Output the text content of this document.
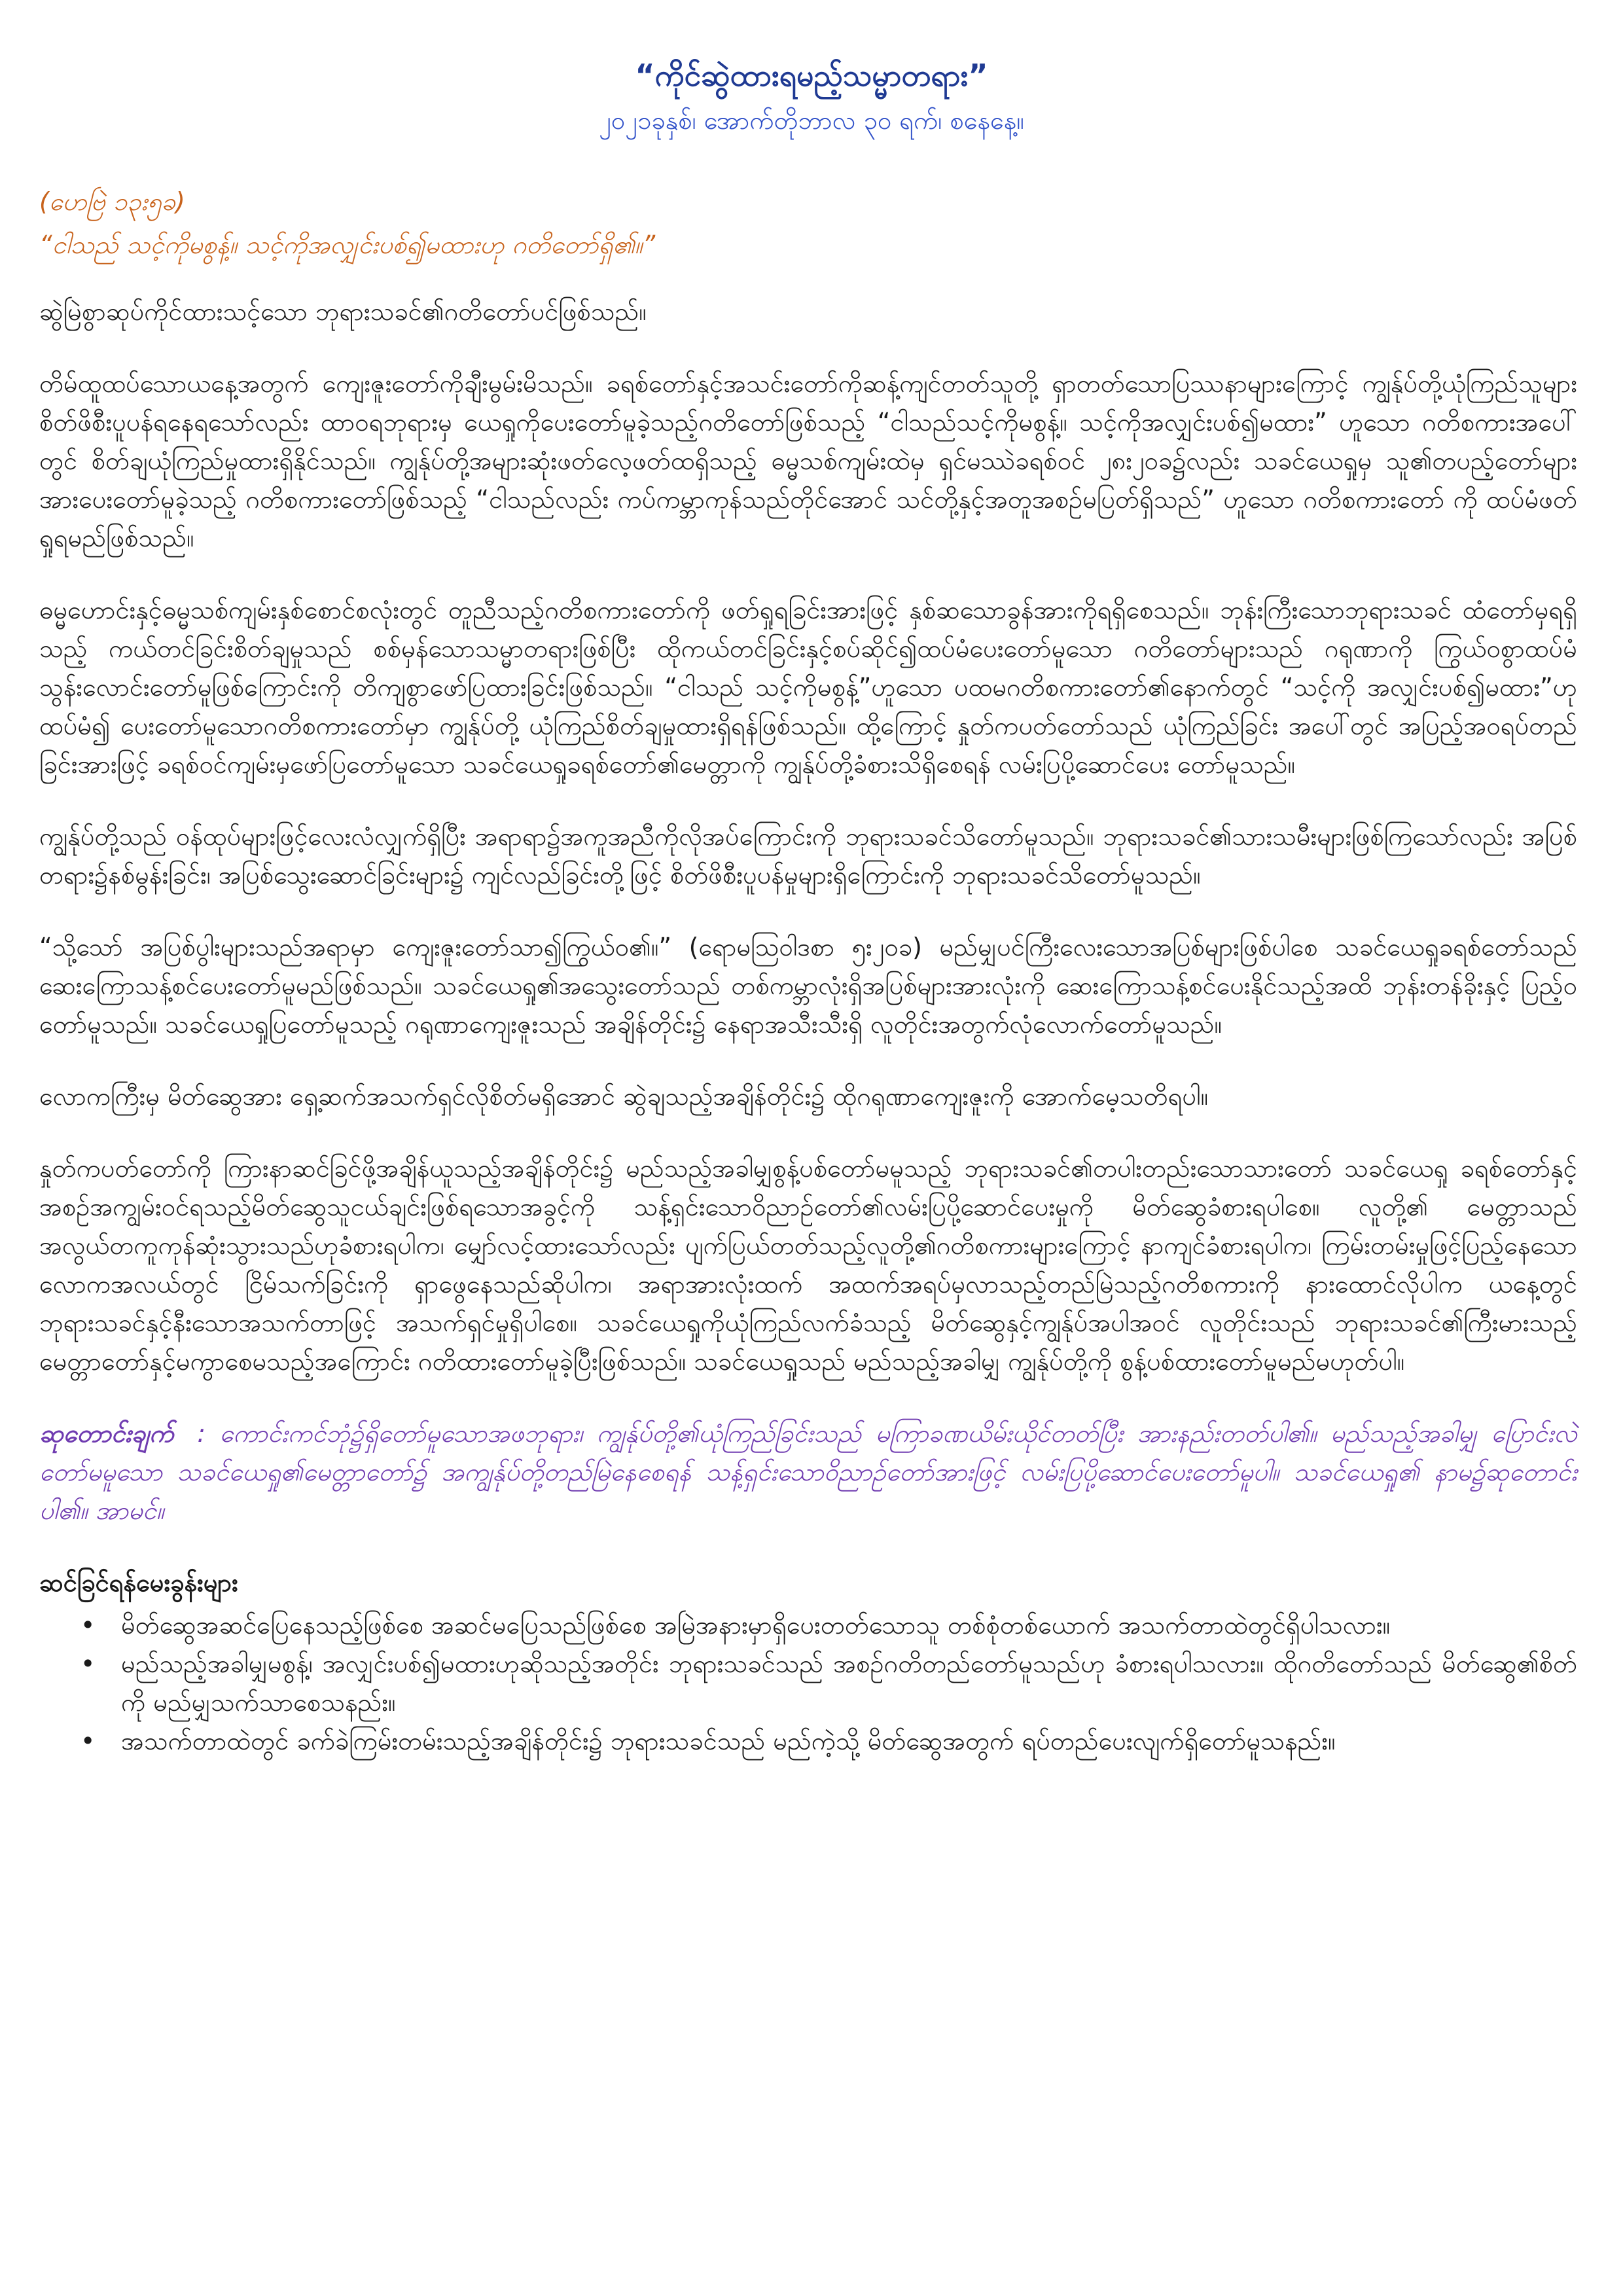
“ကိုင်ဆွဲထားရမည့်သမ္မာတရား”
၂၀၂၁ခုနှစ်၊ အောက်တိုဘာလ ၃၀ ရက်၊ စနေနေ့။
(ဟေဗြဲ ၁၃း၅ခ)
“ငါသည် သင့်ကိုမစွန့်။ သင့်ကိုအလျှင်းပစ်၍မထားဟု ဂတိတော်ရှိ၏။”

ဆွဲမြဲစွာဆုပ်ကိုင်ထားသင့်သော ဘုရားသခင်၏ဂတိတော်ပင်ဖြစ်သည်။

တိမ်ထူထပ်သောယနေ့အတွက် ကျေးဇူးတော်ကိုချီးမွမ်းမိသည်။ ခရစ်တော်နှင့်အသင်းတော်ကိုဆန့်ကျင်တတ်သူတို့ ရှာတတ်သောပြဿနာများကြောင့် ကျွန်ုပ်တို့ယုံကြည်သူများ စိတ်ဖိစီးပူပန်ရနေရသော်လည်း ထာဝရဘုရားမှ ယေရှုကိုပေးတော်မူခဲ့သည့်ဂတိတော်ဖြစ်သည့် “ငါသည်သင့်ကိုမစွန့်။ သင့်ကိုအလျှင်းပစ်၍မထား” ဟူသော ဂတိစကားအပေါ်တွင် စိတ်ချယုံကြည်မှုထားရှိနိုင်သည်။ ကျွန်ုပ်တို့အများဆုံးဖတ်လေ့ဖတ်ထရှိသည့် ဓမ္မသစ်ကျမ်းထဲမှ ရှင်မဿဲခရစ်ဝင် ၂၈း၂၀ခ၌လည်း သခင်ယေရှုမှ သူ၏တပည့်တော်များအားပေးတော်မူခဲ့သည့် ဂတိစကားတော်ဖြစ်သည့် “ငါသည်လည်း ကပ်ကမ္ဘာကုန်သည်တိုင်အောင် သင်တို့နှင့်အတူအစဉ်မပြတ်ရှိသည်” ဟူသော ဂတိစကားတော် ကို ထပ်မံဖတ်ရှုရမည်ဖြစ်သည်။

ဓမ္မဟောင်းနှင့်ဓမ္မသစ်ကျမ်းနှစ်စောင်စလုံးတွင် တူညီသည့်ဂတိစကားတော်ကို ဖတ်ရှုရခြင်းအားဖြင့် နှစ်ဆသောခွန်အားကိုရရှိစေသည်။ ဘုန်းကြီးသောဘုရားသခင် ထံတော်မှရရှိသည့် ကယ်တင်ခြင်းစိတ်ချမှုသည် စစ်မှန်သောသမ္မာတရားဖြစ်ပြီး ထိုကယ်တင်ခြင်းနှင့်စပ်ဆိုင်၍ထပ်မံပေးတော်မူသော ဂတိတော်များသည် ဂရုဏာကို ကြွယ်ဝစွာထပ်မံသွန်းလောင်းတော်မူဖြစ်ကြောင်းကို တိကျစွာဖော်ပြထားခြင်းဖြစ်သည်။ “ငါသည် သင့်ကိုမစွန့်”ဟူသော ပထမဂတိစကားတော်၏နောက်တွင် “သင့်ကို အလျှင်းပစ်၍မထား”ဟုထပ်မံ၍ ပေးတော်မူသောဂတိစကားတော်မှာ ကျွန်ုပ်တို့ ယုံကြည်စိတ်ချမှုထားရှိရန်ဖြစ်သည်။ ထို့ကြောင့် နှုတ်ကပတ်တော်သည် ယုံကြည်ခြင်း အပေါ်တွင် အပြည့်အဝရပ်တည်ခြင်းအားဖြင့် ခရစ်ဝင်ကျမ်းမှဖော်ပြတော်မူသော သခင်ယေရှုခရစ်တော်၏မေတ္တာကို ကျွန်ုပ်တို့ခံစားသိရှိစေရန် လမ်းပြပို့ဆောင်ပေး တော်မူသည်။

ကျွန်ုပ်တို့သည် ဝန်ထုပ်များဖြင့်လေးလံလျှက်ရှိပြီး အရာရာ၌အကူအညီကိုလိုအပ်ကြောင်းကို ဘုရားသခင်သိတော်မူသည်။ ဘုရားသခင်၏သားသမီးများဖြစ်ကြသော်လည်း အပြစ်တရား၌နစ်မွန်းခြင်း၊ အပြစ်သွေးဆောင်ခြင်းများ၌ ကျင်လည်ခြင်းတို့ဖြင့် စိတ်ဖိစီးပူပန်မှုများရှိကြောင်းကို ဘုရားသခင်သိတော်မူသည်။

“သို့သော် အပြစ်ပွါးများသည်အရာမှာ ကျေးဇူးတော်သာ၍ကြွယ်ဝ၏။” (ရောမဩဝါဒစာ ၅း၂၀ခ) မည်မျှပင်ကြီးလေးသောအပြစ်များဖြစ်ပါစေ သခင်ယေရှုခရစ်တော်သည် ဆေးကြောသန့်စင်ပေးတော်မူမည်ဖြစ်သည်။ သခင်ယေရှု၏အသွေးတော်သည် တစ်ကမ္ဘာလုံးရှိအပြစ်များအားလုံးကို ဆေးကြောသန့်စင်ပေးနိုင်သည့်အထိ ဘုန်းတန်ခိုးနှင့် ပြည့်ဝတော်မူသည်။ သခင်ယေရှုပြတော်မူသည့် ဂရုဏာကျေးဇူးသည် အချိန်တိုင်း၌ နေရာအသီးသီးရှိ လူတိုင်းအတွက်လုံလောက်တော်မူသည်။

လောကကြီးမှ မိတ်ဆွေအား ရှေ့ဆက်အသက်ရှင်လိုစိတ်မရှိအောင် ဆွဲချသည့်အချိန်တိုင်း၌ ထိုဂရုဏာကျေးဇူးကို အောက်မေ့သတိရပါ။

နှုတ်ကပတ်တော်ကို ကြားနာဆင်ခြင်ဖို့အချိန်ယူသည့်အချိန်တိုင်း၌ မည်သည့်အခါမျှစွန့်ပစ်တော်မမူသည့် ဘုရားသခင်၏တပါးတည်းသောသားတော် သခင်ယေရှု ခရစ်တော်နှင့် အစဉ်အကျွမ်းဝင်ရသည့်မိတ်ဆွေသူငယ်ချင်းဖြစ်ရသောအခွင့်ကို သန့်ရှင်းသောဝိညာဉ်တော်၏လမ်းပြပို့ဆောင်ပေးမှုကို မိတ်ဆွေခံစားရပါစေ။ လူတို့၏ မေတ္တာသည် အလွယ်တကူကုန်ဆုံးသွားသည်ဟုခံစားရပါက၊ မျှော်လင့်ထားသော်လည်း ပျက်ပြယ်တတ်သည့်လူတို့၏ဂတိစကားများကြောင့် နာကျင်ခံစားရပါက၊ ကြမ်းတမ်းမှုဖြင့်ပြည့်နေသောလောကအလယ်တွင် ငြိမ်သက်ခြင်းကို ရှာဖွေနေသည်ဆိုပါက၊ အရာအားလုံးထက် အထက်အရပ်မှလာသည့်တည်မြဲသည့်ဂတိစကားကို နားထောင်လိုပါက ယနေ့တွင် ဘုရားသခင်နှင့်နီးသောအသက်တာဖြင့် အသက်ရှင်မှုရှိပါစေ။ သခင်ယေရှုကိုယုံကြည်လက်ခံသည့် မိတ်ဆွေနှင့်ကျွန်ုပ်အပါအဝင် လူတိုင်းသည် ဘုရားသခင်၏ကြီးမားသည့်မေတ္တာတော်နှင့်မကွာစေမသည့်အကြောင်း ဂတိထားတော်မူခဲ့ပြီးဖြစ်သည်။ သခင်ယေရှုသည် မည်သည့်အခါမျှ ကျွန်ုပ်တို့ကို စွန့်ပစ်ထားတော်မူမည်မဟုတ်ပါ။

ဆုတောင်းချက် : ကောင်းကင်ဘုံ၌ရှိတော်မူသောအဖဘုရား၊ ကျွန်ုပ်တို့၏ယုံကြည်ခြင်းသည် မကြာခဏယိမ်းယိုင်တတ်ပြီး အားနည်းတတ်ပါ၏။ မည်သည့်အခါမျှ ပြောင်းလဲတော်မမူသော သခင်ယေရှု၏မေတ္တာတော်၌ အကျွန်ုပ်တို့တည်မြဲနေစေရန် သန့်ရှင်းသောဝိညာဉ်တော်အားဖြင့် လမ်းပြပို့ဆောင်ပေးတော်မူပါ။ သခင်ယေရှု၏ နာမ၌ဆုတောင်းပါ၏။ အာမင်။

ဆင်ခြင်ရန်မေးခွန်းများ
• မိတ်ဆွေအဆင်ပြေနေသည့်ဖြစ်စေ အဆင်မပြေသည်ဖြစ်စေ အမြဲအနားမှာရှိပေးတတ်သောသူ တစ်စုံတစ်ယောက် အသက်တာထဲတွင်ရှိပါသလား။
• မည်သည့်အခါမျှမစွန့်၊ အလျှင်းပစ်၍မထားဟုဆိုသည့်အတိုင်း ဘုရားသခင်သည် အစဉ်ဂတိတည်တော်မူသည်ဟု ခံစားရပါသလား။ ထိုဂတိတော်သည် မိတ်ဆွေ၏စိတ်ကို မည်မျှသက်သာစေသနည်း။
• အသက်တာထဲတွင် ခက်ခဲကြမ်းတမ်းသည့်အချိန်တိုင်း၌ ဘုရားသခင်သည် မည်ကဲ့သို့ မိတ်ဆွေအတွက် ရပ်တည်ပေးလျက်ရှိတော်မူသနည်း။
